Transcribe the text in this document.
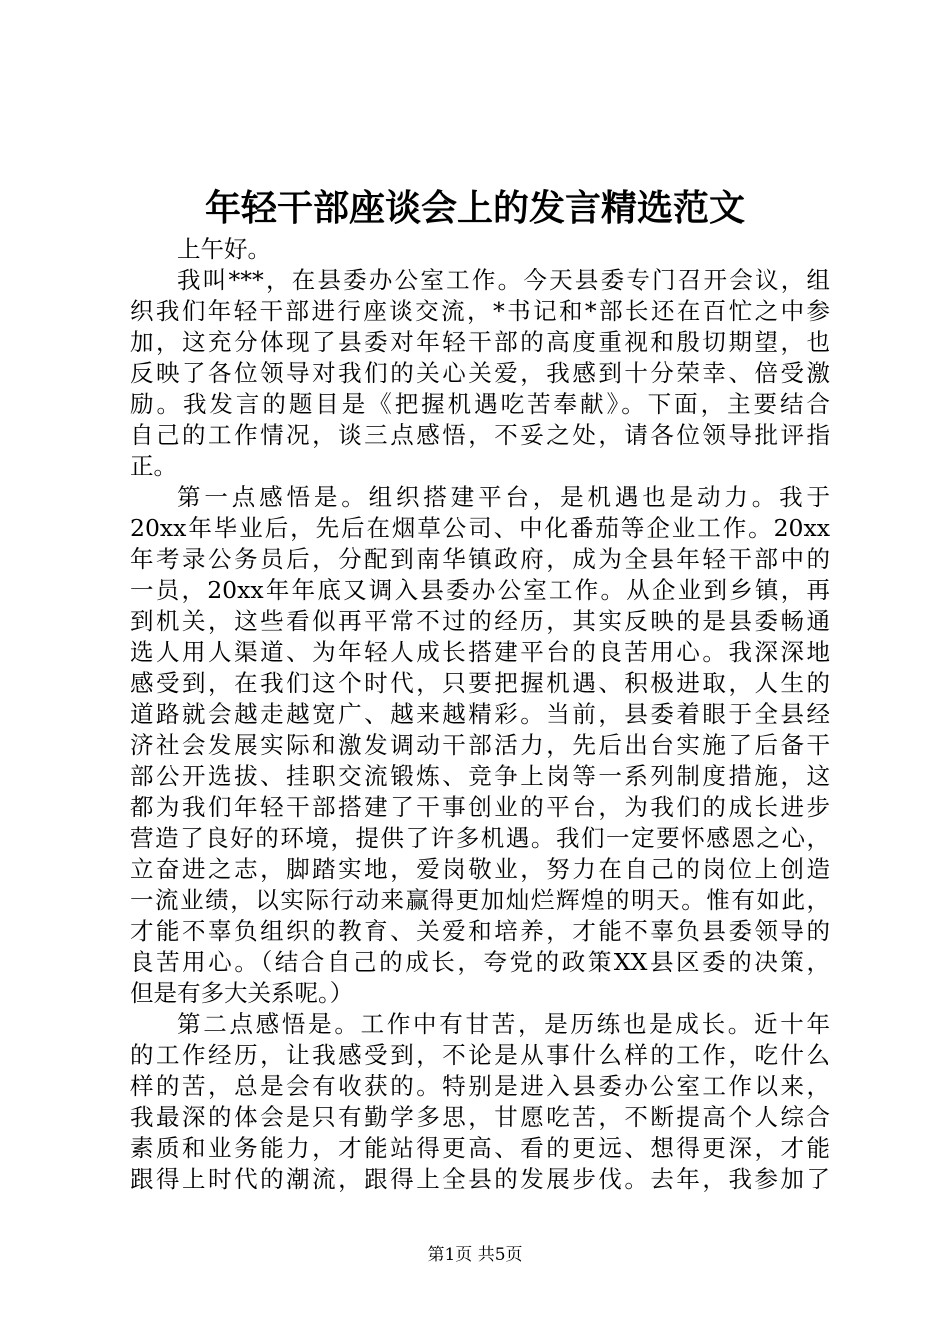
年轻干部座谈会上的发言精选范文
上午好。
我叫***，在县委办公室工作。今天县委专门召开会议，组
织我们年轻干部进行座谈交流，*书记和*部长还在百忙之中参
加，这充分体现了县委对年轻干部的高度重视和殷切期望，也
反映了各位领导对我们的关心关爱，我感到十分荣幸、倍受激
励。我发言的题目是《把握机遇吃苦奉献》。下面，主要结合
自己的工作情况，谈三点感悟，不妥之处，请各位领导批评指
正。
第一点感悟是。组织搭建平台，是机遇也是动力。我于
20xx年毕业后，先后在烟草公司、中化番茄等企业工作。20xx
年考录公务员后，分配到南华镇政府，成为全县年轻干部中的
一员，20xx年年底又调入县委办公室工作。从企业到乡镇，再
到机关，这些看似再平常不过的经历，其实反映的是县委畅通
选人用人渠道、为年轻人成长搭建平台的良苦用心。我深深地
感受到，在我们这个时代，只要把握机遇、积极进取，人生的
道路就会越走越宽广、越来越精彩。当前，县委着眼于全县经
济社会发展实际和激发调动干部活力，先后出台实施了后备干
部公开选拔、挂职交流锻炼、竞争上岗等一系列制度措施，这
都为我们年轻干部搭建了干事创业的平台，为我们的成长进步
营造了良好的环境，提供了许多机遇。我们一定要怀感恩之心，
立奋进之志，脚踏实地，爱岗敬业，努力在自己的岗位上创造
一流业绩，以实际行动来赢得更加灿烂辉煌的明天。惟有如此，
才能不辜负组织的教育、关爱和培养，才能不辜负县委领导的
良苦用心。（结合自己的成长，夸党的政策XX县区委的决策，
但是有多大关系呢。）
第二点感悟是。工作中有甘苦，是历练也是成长。近十年
的工作经历，让我感受到，不论是从事什么样的工作，吃什么
样的苦，总是会有收获的。特别是进入县委办公室工作以来，
我最深的体会是只有勤学多思，甘愿吃苦，不断提高个人综合
素质和业务能力，才能站得更高、看的更远、想得更深，才能
跟得上时代的潮流，跟得上全县的发展步伐。去年，我参加了
第1页 共5页
